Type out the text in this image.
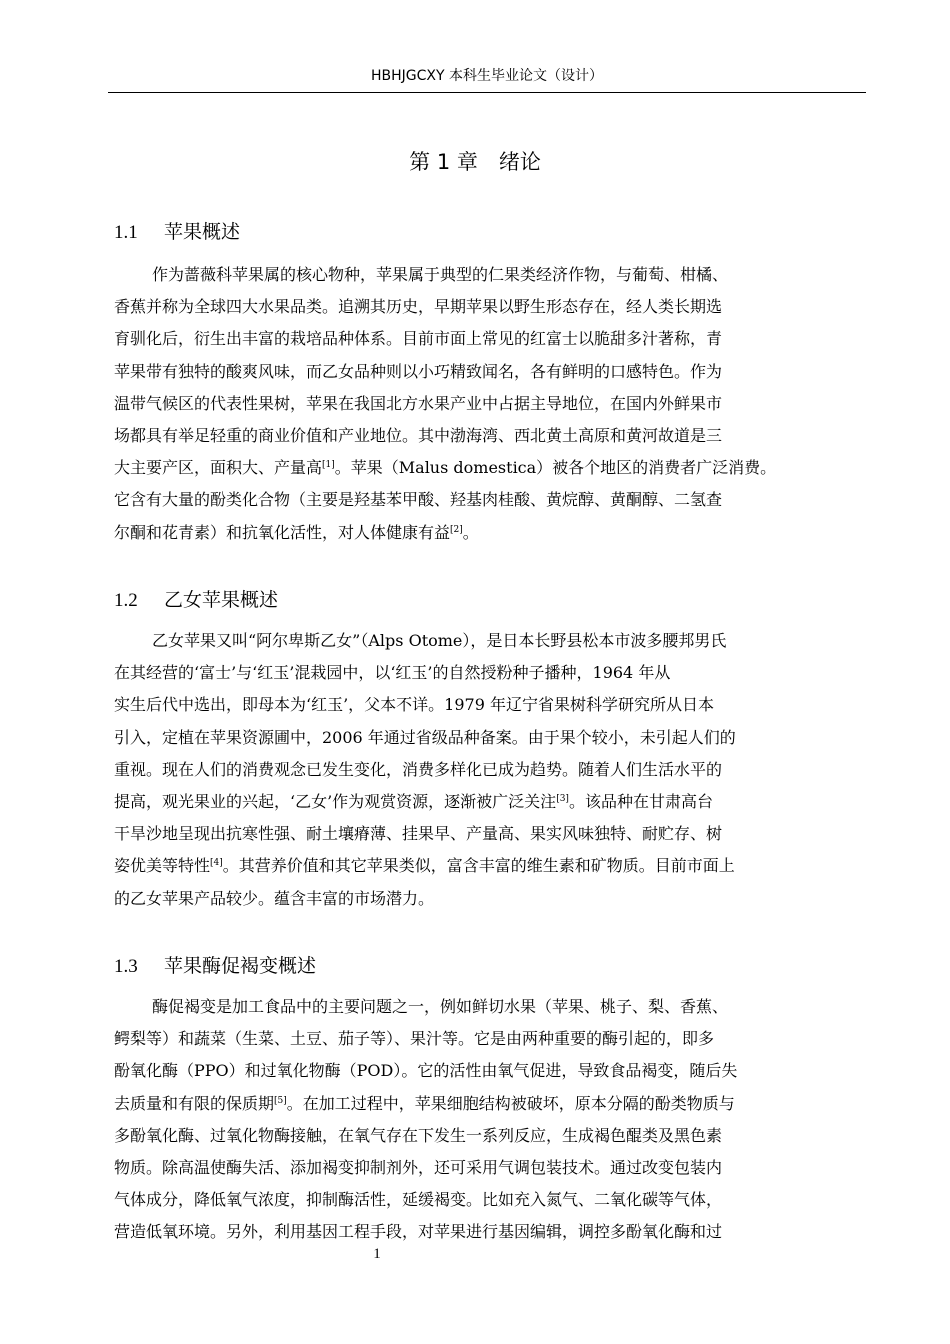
HBHJGCXY 本科生毕业论文（设计）
第 1 章　绪论
1.1 苹果概述
作为蔷薇科苹果属的核心物种，苹果属于典型的仁果类经济作物，与葡萄、柑橘、
香蕉并称为全球四大水果品类。追溯其历史，早期苹果以野生形态存在，经人类长期选
育驯化后，衍生出丰富的栽培品种体系。目前市面上常见的红富士以脆甜多汁著称，青
苹果带有独特的酸爽风味，而乙女品种则以小巧精致闻名，各有鲜明的口感特色。作为
温带气候区的代表性果树，苹果在我国北方水果产业中占据主导地位，在国内外鲜果市
场都具有举足轻重的商业价值和产业地位。其中渤海湾、西北黄土高原和黄河故道是三
大主要产区，面积大、产量高[1]。苹果（Malus domestica）被各个地区的消费者广泛消费。
它含有大量的酚类化合物（主要是羟基苯甲酸、羟基肉桂酸、黄烷醇、黄酮醇、二氢查
尔酮和花青素）和抗氧化活性，对人体健康有益[2]。
1.2 乙女苹果概述
乙女苹果又叫“阿尔卑斯乙女”（Alps Otome），是日本长野县松本市波多腰邦男氏
在其经营的‘富士’与‘红玉’混栽园中，以‘红玉’的自然授粉种子播种，1964 年从
实生后代中选出，即母本为‘红玉’，父本不详。1979 年辽宁省果树科学研究所从日本
引入，定植在苹果资源圃中，2006 年通过省级品种备案。由于果个较小，未引起人们的
重视。现在人们的消费观念已发生变化，消费多样化已成为趋势。随着人们生活水平的
提高，观光果业的兴起，‘乙女’作为观赏资源，逐渐被广泛关注[3]。该品种在甘肃高台
干旱沙地呈现出抗寒性强、耐土壤瘠薄、挂果早、产量高、果实风味独特、耐贮存、树
姿优美等特性[4]。其营养价值和其它苹果类似，富含丰富的维生素和矿物质。目前市面上
的乙女苹果产品较少。蕴含丰富的市场潜力。
1.3 苹果酶促褐变概述
酶促褐变是加工食品中的主要问题之一，例如鲜切水果（苹果、桃子、梨、香蕉、
鳄梨等）和蔬菜（生菜、土豆、茄子等）、果汁等。它是由两种重要的酶引起的，即多
酚氧化酶（PPO）和过氧化物酶（POD）。它的活性由氧气促进，导致食品褐变，随后失
去质量和有限的保质期[5]。在加工过程中，苹果细胞结构被破坏，原本分隔的酚类物质与
多酚氧化酶、过氧化物酶接触，在氧气存在下发生一系列反应，生成褐色醌类及黑色素
物质。除高温使酶失活、添加褐变抑制剂外，还可采用气调包装技术。通过改变包装内
气体成分，降低氧气浓度，抑制酶活性，延缓褐变。比如充入氮气、二氧化碳等气体，
营造低氧环境。另外，利用基因工程手段，对苹果进行基因编辑，调控多酚氧化酶和过
1
